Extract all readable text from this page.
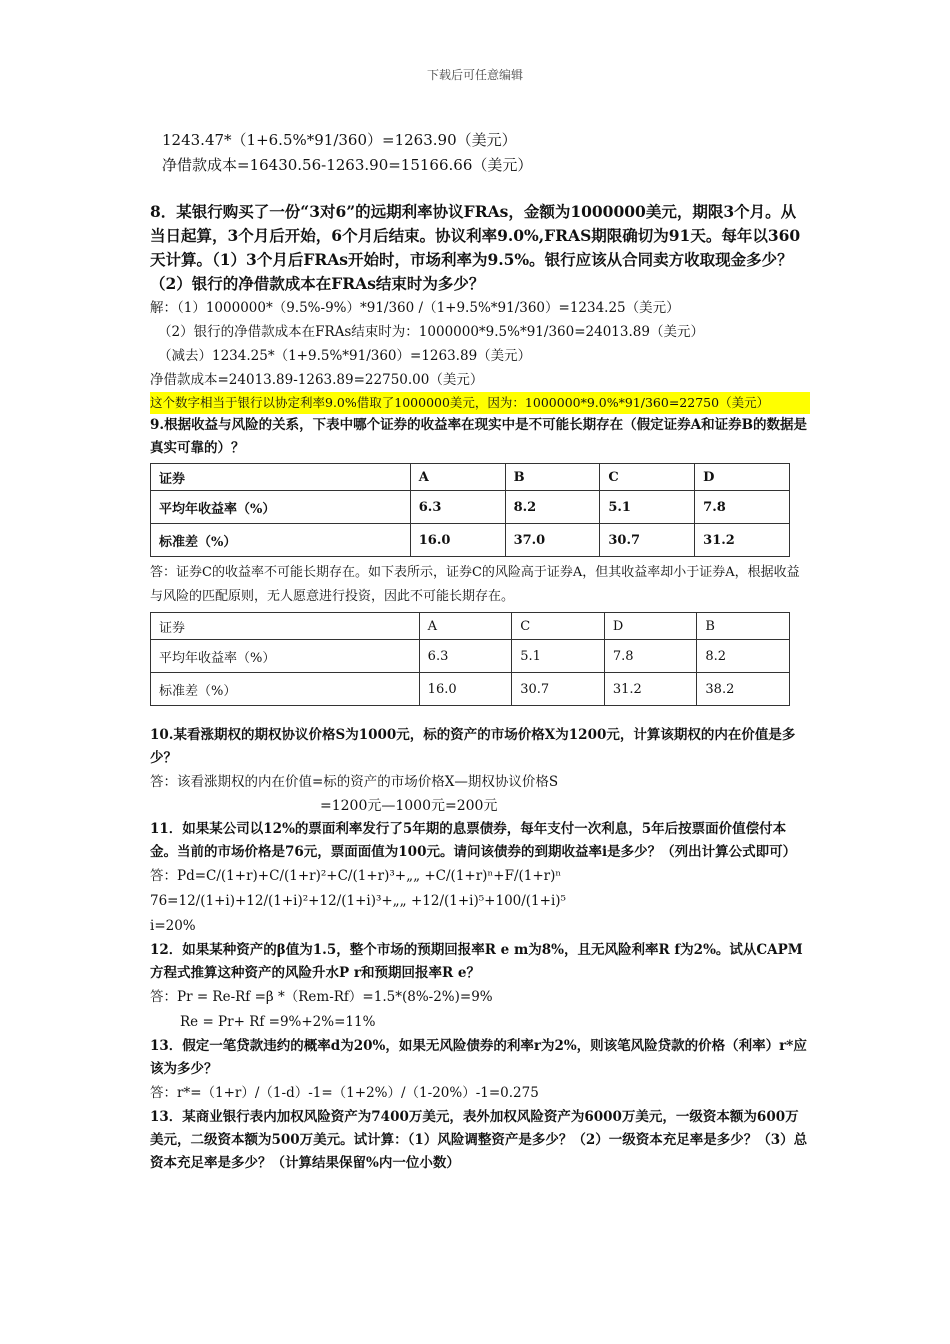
下载后可任意编辑
1243.47*（1+6.5%*91/360）=1263.90（美元）
净借款成本=16430.56-1263.90=15166.66（美元）
8．某银行购买了一份“3对6”的远期利率协议FRAs，金额为1000000美元，期限3个月。从当日起算，3个月后开始，6个月后结束。协议利率9.0%,FRAS期限确切为91天。每年以360天计算。（1）3个月后FRAs开始时，市场利率为9.5%。银行应该从合同卖方收取现金多少？（2）银行的净借款成本在FRAs结束时为多少？
解：（1）1000000*（9.5%-9%）*91/360 /（1+9.5%*91/360）=1234.25（美元）
（2）银行的净借款成本在FRAs结束时为：1000000*9.5%*91/360=24013.89（美元）
（减去）1234.25*（1+9.5%*91/360）=1263.89（美元）
净借款成本=24013.89-1263.89=22750.00（美元）
这个数字相当于银行以协定利率9.0%借取了1000000美元，因为：1000000*9.0%*91/360=22750（美元）
9.根据收益与风险的关系，下表中哪个证券的收益率在现实中是不可能长期存在（假定证券A和证券B的数据是真实可靠的）？
证券	A	B	C	D
平均年收益率（%）	6.3	8.2	5.1	7.8
标准差（%）	16.0	37.0	30.7	31.2
答：证券C的收益率不可能长期存在。如下表所示，证券C的风险高于证券A，但其收益率却小于证券A，根据收益与风险的匹配原则，无人愿意进行投资，因此不可能长期存在。
证券	A	C	D	B
平均年收益率（%）	6.3	5.1	7.8	8.2
标准差（%）	16.0	30.7	31.2	38.2
10.某看涨期权的期权协议价格S为1000元，标的资产的市场价格X为1200元，计算该期权的内在价值是多少？
答：该看涨期权的内在价值=标的资产的市场价格X—期权协议价格S
=1200元—1000元=200元
11．如果某公司以12%的票面利率发行了5年期的息票债券，每年支付一次利息，5年后按票面价值偿付本金。当前的市场价格是76元，票面面值为100元。请问该债券的到期收益率i是多少？（列出计算公式即可）
答：Pd=C/(1+r)+C/(1+r)²+C/(1+r)³+„„ +C/(1+r)ⁿ+F/(1+r)ⁿ
76=12/(1+i)+12/(1+i)²+12/(1+i)³+„„ +12/(1+i)⁵+100/(1+i)⁵
i=20%
12．如果某种资产的β值为1.5，整个市场的预期回报率R e m为8%，且无风险利率R f为2%。试从CAPM方程式推算这种资产的风险升水P r和预期回报率R e？
答：Pr = Re-Rf =β *（Rem-Rf）=1.5*(8%-2%)=9%
Re = Pr+ Rf =9%+2%=11%
13．假定一笔贷款违约的概率d为20%，如果无风险债券的利率r为2%，则该笔风险贷款的价格（利率）r*应该为多少？
答：r*=（1+r）/（1-d）-1=（1+2%）/（1-20%）-1=0.275
13．某商业银行表内加权风险资产为7400万美元，表外加权风险资产为6000万美元，一级资本额为600万美元，二级资本额为500万美元。试计算：（1）风险调整资产是多少？（2）一级资本充足率是多少？（3）总资本充足率是多少？（计算结果保留%内一位小数）
